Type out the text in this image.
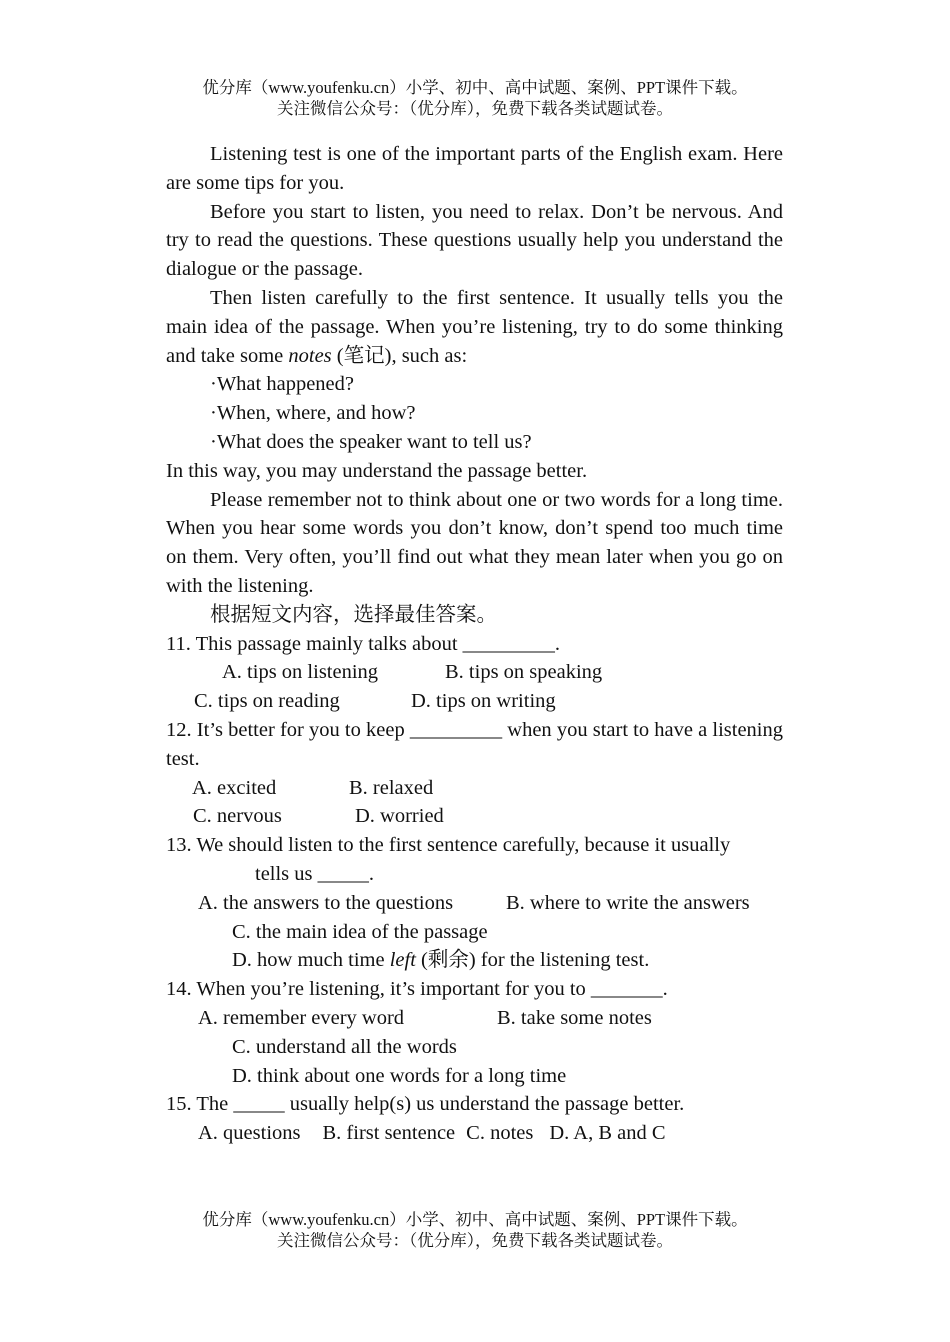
优分库（www.youfenku.cn）小学、初中、高中试题、案例、PPT课件下载。
关注微信公众号：（优分库），免费下载各类试题试卷。

Listening test is one of the important parts of the English exam. Here are some tips for you.

Before you start to listen, you need to relax. Don’t be nervous. And try to read the questions. These questions usually help you understand the dialogue or the passage.

Then listen carefully to the first sentence. It usually tells you the main idea of the passage. When you’re listening, try to do some thinking and take some notes (笔记), such as:

·What happened?
·When, where, and how?
·What does the speaker want to tell us?

In this way, you may understand the passage better.

Please remember not to think about one or two words for a long time. When you hear some words you don’t know, don’t spend too much time on them. Very often, you’ll find out what they mean later when you go on with the listening.

根据短文内容，选择最佳答案。
11. This passage mainly talks about _________.
A. tips on listening	B. tips on speaking
C. tips on reading	D. tips on writing
12. It’s better for you to keep _________ when you start to have a listening test.
A. excited	B. relaxed
C. nervous	D. worried
13. We should listen to the first sentence carefully, because it usually
tells us _____.
A. the answers to the questions	B. where to write the answers
C. the main idea of the passage
D. how much time left (剩余) for the listening test.
14. When you’re listening, it’s important for you to _______.
A. remember every word	B. take some notes
C. understand all the words
D. think about one words for a long time
15. The _____ usually help(s) us understand the passage better.
A. questions B. first sentence C. notes D. A, B and C
优分库（www.youfenku.cn）小学、初中、高中试题、案例、PPT课件下载。
关注微信公众号：（优分库），免费下载各类试题试卷。
